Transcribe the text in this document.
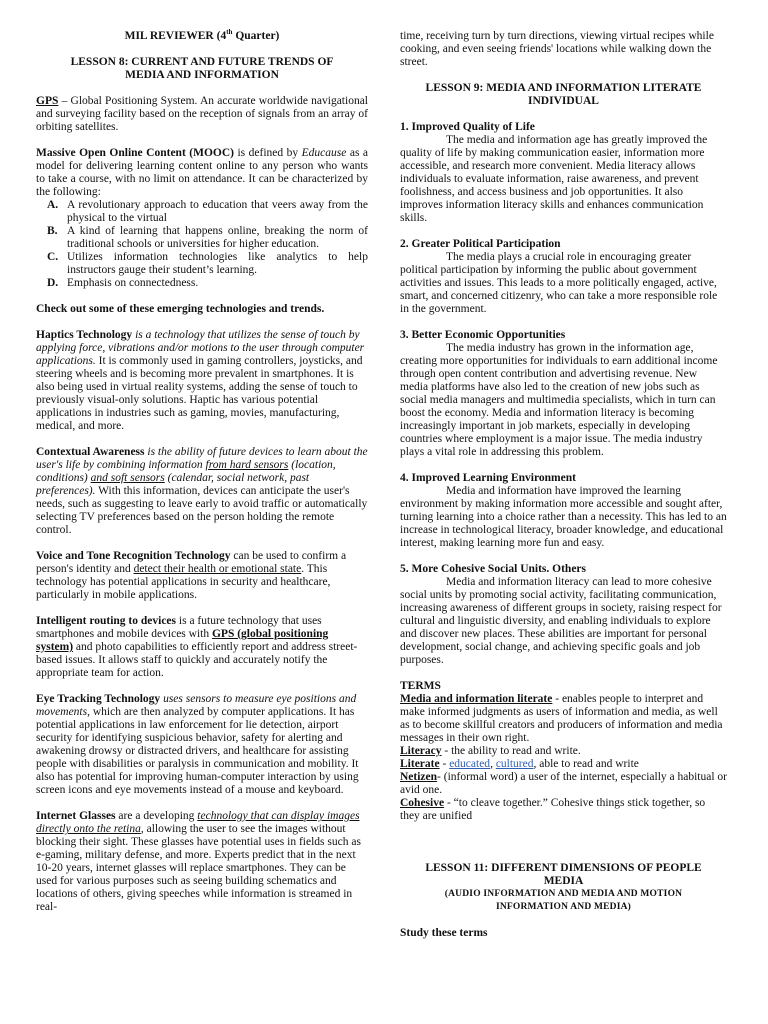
MIL REVIEWER (4th Quarter)

LESSON 8: CURRENT AND FUTURE TRENDS OF
MEDIA AND INFORMATION

GPS – Global Positioning System. An accurate worldwide navigational and surveying facility based on the reception of signals from an array of orbiting satellites.

Massive Open Online Content (MOOC) is defined by Educause as a model for delivering learning content online to any person who wants to take a course, with no limit on attendance. It can be characterized by the following:

A. A revolutionary approach to education that veers away from the physical to the virtual
B. A kind of learning that happens online, breaking the norm of traditional schools or universities for higher education.
C. Utilizes information technologies like analytics to help instructors gauge their student’s learning.
D. Emphasis on connectedness.

Check out some of these emerging technologies and trends.

Haptics Technology is a technology that utilizes the sense of touch by applying force, vibrations and/or motions to the user through computer applications. It is commonly used in gaming controllers, joysticks, and steering wheels and is becoming more prevalent in smartphones. It is also being used in virtual reality systems, adding the sense of touch to previously visual-only solutions. Haptic has various potential applications in industries such as gaming, movies, manufacturing, medical, and more.

Contextual Awareness is the ability of future devices to learn about the user's life by combining information from hard sensors (location, conditions) and soft sensors (calendar, social network, past preferences). With this information, devices can anticipate the user's needs, such as suggesting to leave early to avoid traffic or automatically selecting TV preferences based on the person holding the remote control.

Voice and Tone Recognition Technology can be used to confirm a person's identity and detect their health or emotional state. This technology has potential applications in security and healthcare, particularly in mobile applications.

Intelligent routing to devices is a future technology that uses smartphones and mobile devices with GPS (global positioning system) and photo capabilities to efficiently report and address street-based issues. It allows staff to quickly and accurately notify the appropriate team for action.

Eye Tracking Technology uses sensors to measure eye positions and movements, which are then analyzed by computer applications. It has potential applications in law enforcement for lie detection, airport security for identifying suspicious behavior, safety for alerting and awakening drowsy or distracted drivers, and healthcare for assisting people with disabilities or paralysis in communication and mobility. It also has potential for improving human-computer interaction by using screen icons and eye movements instead of a mouse and keyboard.

Internet Glasses are a developing technology that can display images directly onto the retina, allowing the user to see the images without blocking their sight. These glasses have potential uses in fields such as e-gaming, military defense, and more. Experts predict that in the next 10-20 years, internet glasses will replace smartphones. They can be used for various purposes such as seeing building schematics and locations of others, giving speeches while information is streamed in real-

time, receiving turn by turn directions, viewing virtual recipes while cooking, and even seeing friends' locations while walking down the street.

LESSON 9: MEDIA AND INFORMATION LITERATE
INDIVIDUAL

1. Improved Quality of Life

The media and information age has greatly improved the quality of life by making communication easier, information more accessible, and research more convenient. Media literacy allows individuals to evaluate information, raise awareness, and prevent foolishness, and access business and job opportunities. It also improves information literacy skills and enhances communication skills.

2. Greater Political Participation

The media plays a crucial role in encouraging greater political participation by informing the public about government activities and issues. This leads to a more politically engaged, active, smart, and concerned citizenry, who can take a more responsible role in the government.

3. Better Economic Opportunities

The media industry has grown in the information age, creating more opportunities for individuals to earn additional income through open content contribution and advertising revenue. New media platforms have also led to the creation of new jobs such as social media managers and multimedia specialists, which in turn can boost the economy. Media and information literacy is becoming increasingly important in job markets, especially in developing countries where employment is a major issue. The media industry plays a vital role in addressing this problem.

4. Improved Learning Environment

Media and information have improved the learning environment by making information more accessible and sought after, turning learning into a choice rather than a necessity. This has led to an increase in technological literacy, broader knowledge, and educational interest, making learning more fun and easy.

5. More Cohesive Social Units. Others

Media and information literacy can lead to more cohesive social units by promoting social activity, facilitating communication, increasing awareness of different groups in society, raising respect for cultural and linguistic diversity, and enabling individuals to explore and discover new places. These abilities are important for personal development, social change, and achieving specific goals and job purposes.

TERMS

Media and information literate - enables people to interpret and make informed judgments as users of information and media, as well as to become skillful creators and producers of information and media messages in their own right.

Literacy - the ability to read and write.

Literate - educated, cultured, able to read and write

Netizen- (informal word) a user of the internet, especially a habitual or avid one.

Cohesive - “to cleave together.” Cohesive things stick together, so they are unified

LESSON 11: DIFFERENT DIMENSIONS OF PEOPLE
MEDIA

(AUDIO INFORMATION AND MEDIA AND MOTION
INFORMATION AND MEDIA)

Study these terms
